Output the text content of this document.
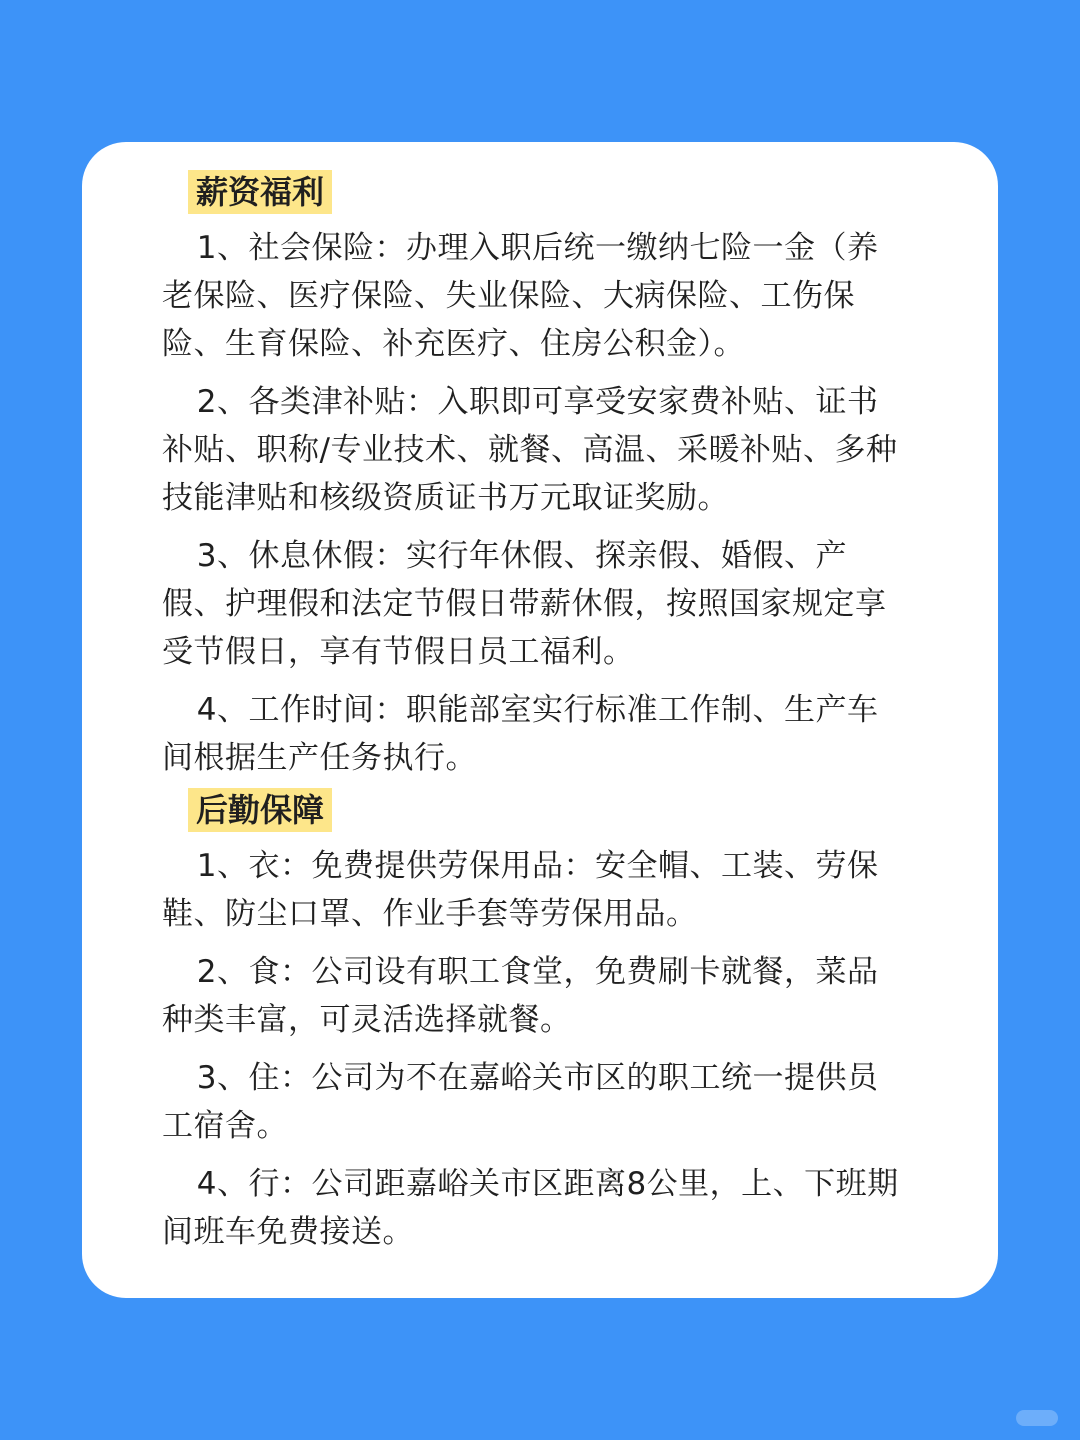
薪资福利

1、社会保险：办理入职后统一缴纳七险一金（养老保险、医疗保险、失业保险、大病保险、工伤保险、生育保险、补充医疗、住房公积金）。

2、各类津补贴：入职即可享受安家费补贴、证书补贴、职称/专业技术、就餐、高温、采暖补贴、多种技能津贴和核级资质证书万元取证奖励。

3、休息休假：实行年休假、探亲假、婚假、产假、护理假和法定节假日带薪休假，按照国家规定享受节假日，享有节假日员工福利。

4、工作时间：职能部室实行标准工作制、生产车间根据生产任务执行。

后勤保障

1、衣：免费提供劳保用品：安全帽、工装、劳保鞋、防尘口罩、作业手套等劳保用品。

2、食：公司设有职工食堂，免费刷卡就餐，菜品种类丰富，可灵活选择就餐。

3、住：公司为不在嘉峪关市区的职工统一提供员工宿舍。

4、行：公司距嘉峪关市区距离8公里，上、下班期间班车免费接送。
